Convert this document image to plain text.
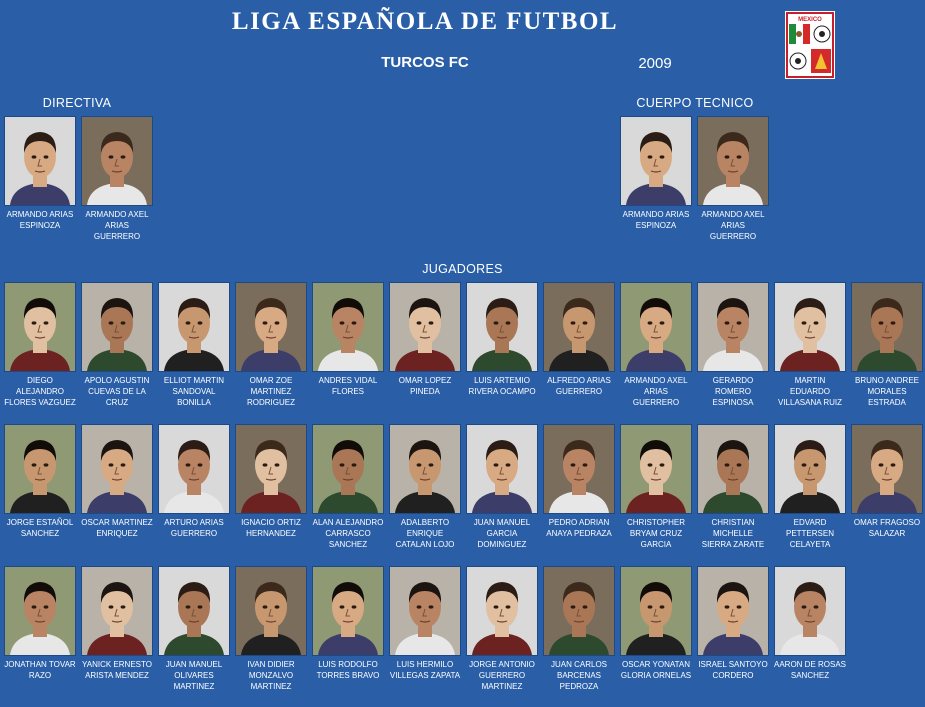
LIGA ESPAÑOLA DE FUTBOL
TURCOS FC	2009
MEXICO
DIRECTIVA	CUERPO TECNICO
JUGADORES
ARMANDO ARIAS ESPINOZA
ARMANDO AXEL ARIAS GUERRERO
ARMANDO ARIAS ESPINOZA
ARMANDO AXEL ARIAS GUERRERO
DIEGO ALEJANDRO FLORES VAZGUEZ
APOLO AGUSTIN CUEVAS DE LA CRUZ
ELLIOT MARTIN SANDOVAL BONILLA
OMAR ZOE MARTINEZ RODRIGUEZ
ANDRES VIDAL FLORES
OMAR LOPEZ PINEDA
LUIS ARTEMIO RIVERA OCAMPO
ALFREDO ARIAS GUERRERO
ARMANDO AXEL ARIAS GUERRERO
GERARDO ROMERO ESPINOSA
MARTIN EDUARDO VILLASANA RUIZ
BRUNO ANDREE MORALES ESTRADA
JORGE ESTAÑOL SANCHEZ
OSCAR MARTINEZ ENRIQUEZ
ARTURO ARIAS GUERRERO
IGNACIO ORTIZ HERNANDEZ
ALAN ALEJANDRO CARRASCO SANCHEZ
ADALBERTO ENRIQUE CATALAN LOJO
JUAN MANUEL GARCIA DOMINGUEZ
PEDRO ADRIAN ANAYA PEDRAZA
CHRISTOPHER BRYAM CRUZ GARCIA
CHRISTIAN MICHELLE SIERRA ZARATE
EDVARD PETTERSEN CELAYETA
OMAR FRAGOSO SALAZAR
JONATHAN TOVAR RAZO
YANICK ERNESTO ARISTA MENDEZ
JUAN MANUEL OLIVARES MARTINEZ
IVAN DIDIER MONZALVO MARTINEZ
LUIS RODOLFO TORRES BRAVO
LUIS HERMILO VILLEGAS ZAPATA
JORGE ANTONIO GUERRERO MARTINEZ
JUAN CARLOS BARCENAS PEDROZA
OSCAR YONATAN GLORIA ORNELAS
ISRAEL SANTOYO CORDERO
AARON DE ROSAS SANCHEZ
